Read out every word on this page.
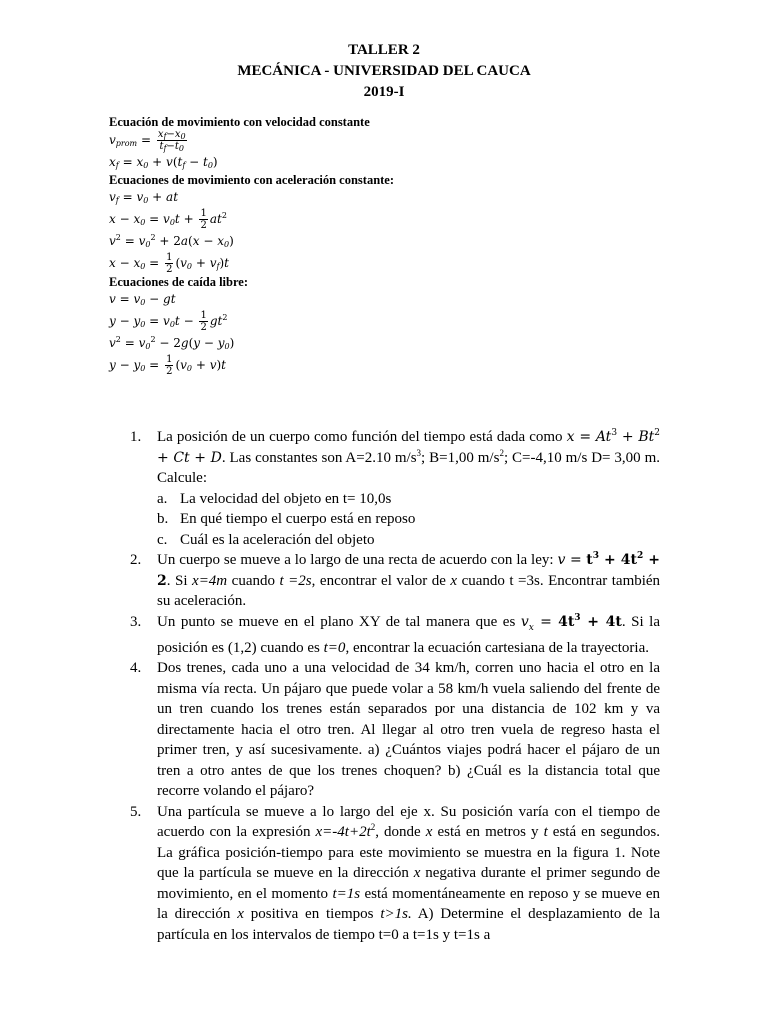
TALLER 2
MECÁNICA - UNIVERSIDAD DEL CAUCA
2019-I

Ecuación de movimiento con velocidad constante

$v_{prom} = \frac{x_f-x_0}{t_f-t_0}$

$x_f = x_0 + v(t_f - t_0)$

Ecuaciones de movimiento con aceleración constante:

$v_f = v_0$ + at

$x - x_0 = v_0t + \frac{1}{2} at^2$

$v^2 = v_0^2 + 2a(x - x_0)$

$x - x_0 = \frac{1}{2} (v_0 + v_f)t$

Ecuaciones de caída libre:

$v = v_0$ − gt

$y - y_0 = v_0t - \frac{1}{2} gt^2$

$v^2 = v_0^2 - 2g(y - y_0)$

$y - y_0 = \frac{1}{2} (v_0 + v)t$

1. La posición de un cuerpo como función del tiempo está dada como $x = At^3 + Bt^2 + Ct + D$. Las constantes son A=2.10 $m/s^3$; B=1,00 $m/s^2$; C=-4,10 m/s D= 3,00 m. Calcule:
a. La velocidad del objeto en t= 10,0s
b. En qué tiempo el cuerpo está en reposo
c. Cuál es la aceleración del objeto
2. Un cuerpo se mueve a lo largo de una recta de acuerdo con la ley: $v = t^3 + 4t^2 + 2$. Si x=4m cuando t =2s, encontrar el valor de x cuando t =3s. Encontrar también su aceleración.
3. Un punto se mueve en el plano XY de tal manera que es $v_x = 4t^3 + 4t$. Si la posición es (1,2) cuando es t=0, encontrar la ecuación cartesiana de la trayectoria.
4. Dos trenes, cada uno a una velocidad de 34 km/h, corren uno hacia el otro en la misma vía recta. Un pájaro que puede volar a 58 km/h vuela saliendo del frente de un tren cuando los trenes están separados por una distancia de 102 km y va directamente hacia el otro tren. Al llegar al otro tren vuela de regreso hasta el primer tren, y así sucesivamente. a) ¿Cuántos viajes podrá hacer el pájaro de un tren a otro antes de que los trenes choquen? b) ¿Cuál es la distancia total que recorre volando el pájaro?
5. Una partícula se mueve a lo largo del eje x. Su posición varía con el tiempo de acuerdo con la expresión $x=-4t+2t^2$, donde x está en metros y t está en segundos. La gráfica posición-tiempo para este movimiento se muestra en la figura 1. Note que la partícula se mueve en la dirección x negativa durante el primer segundo de movimiento, en el momento t=1s está momentáneamente en reposo y se mueve en la dirección x positiva en tiempos t>1s. A) Determine el desplazamiento de la partícula en los intervalos de tiempo t=0 a t=1s y t=1s a
